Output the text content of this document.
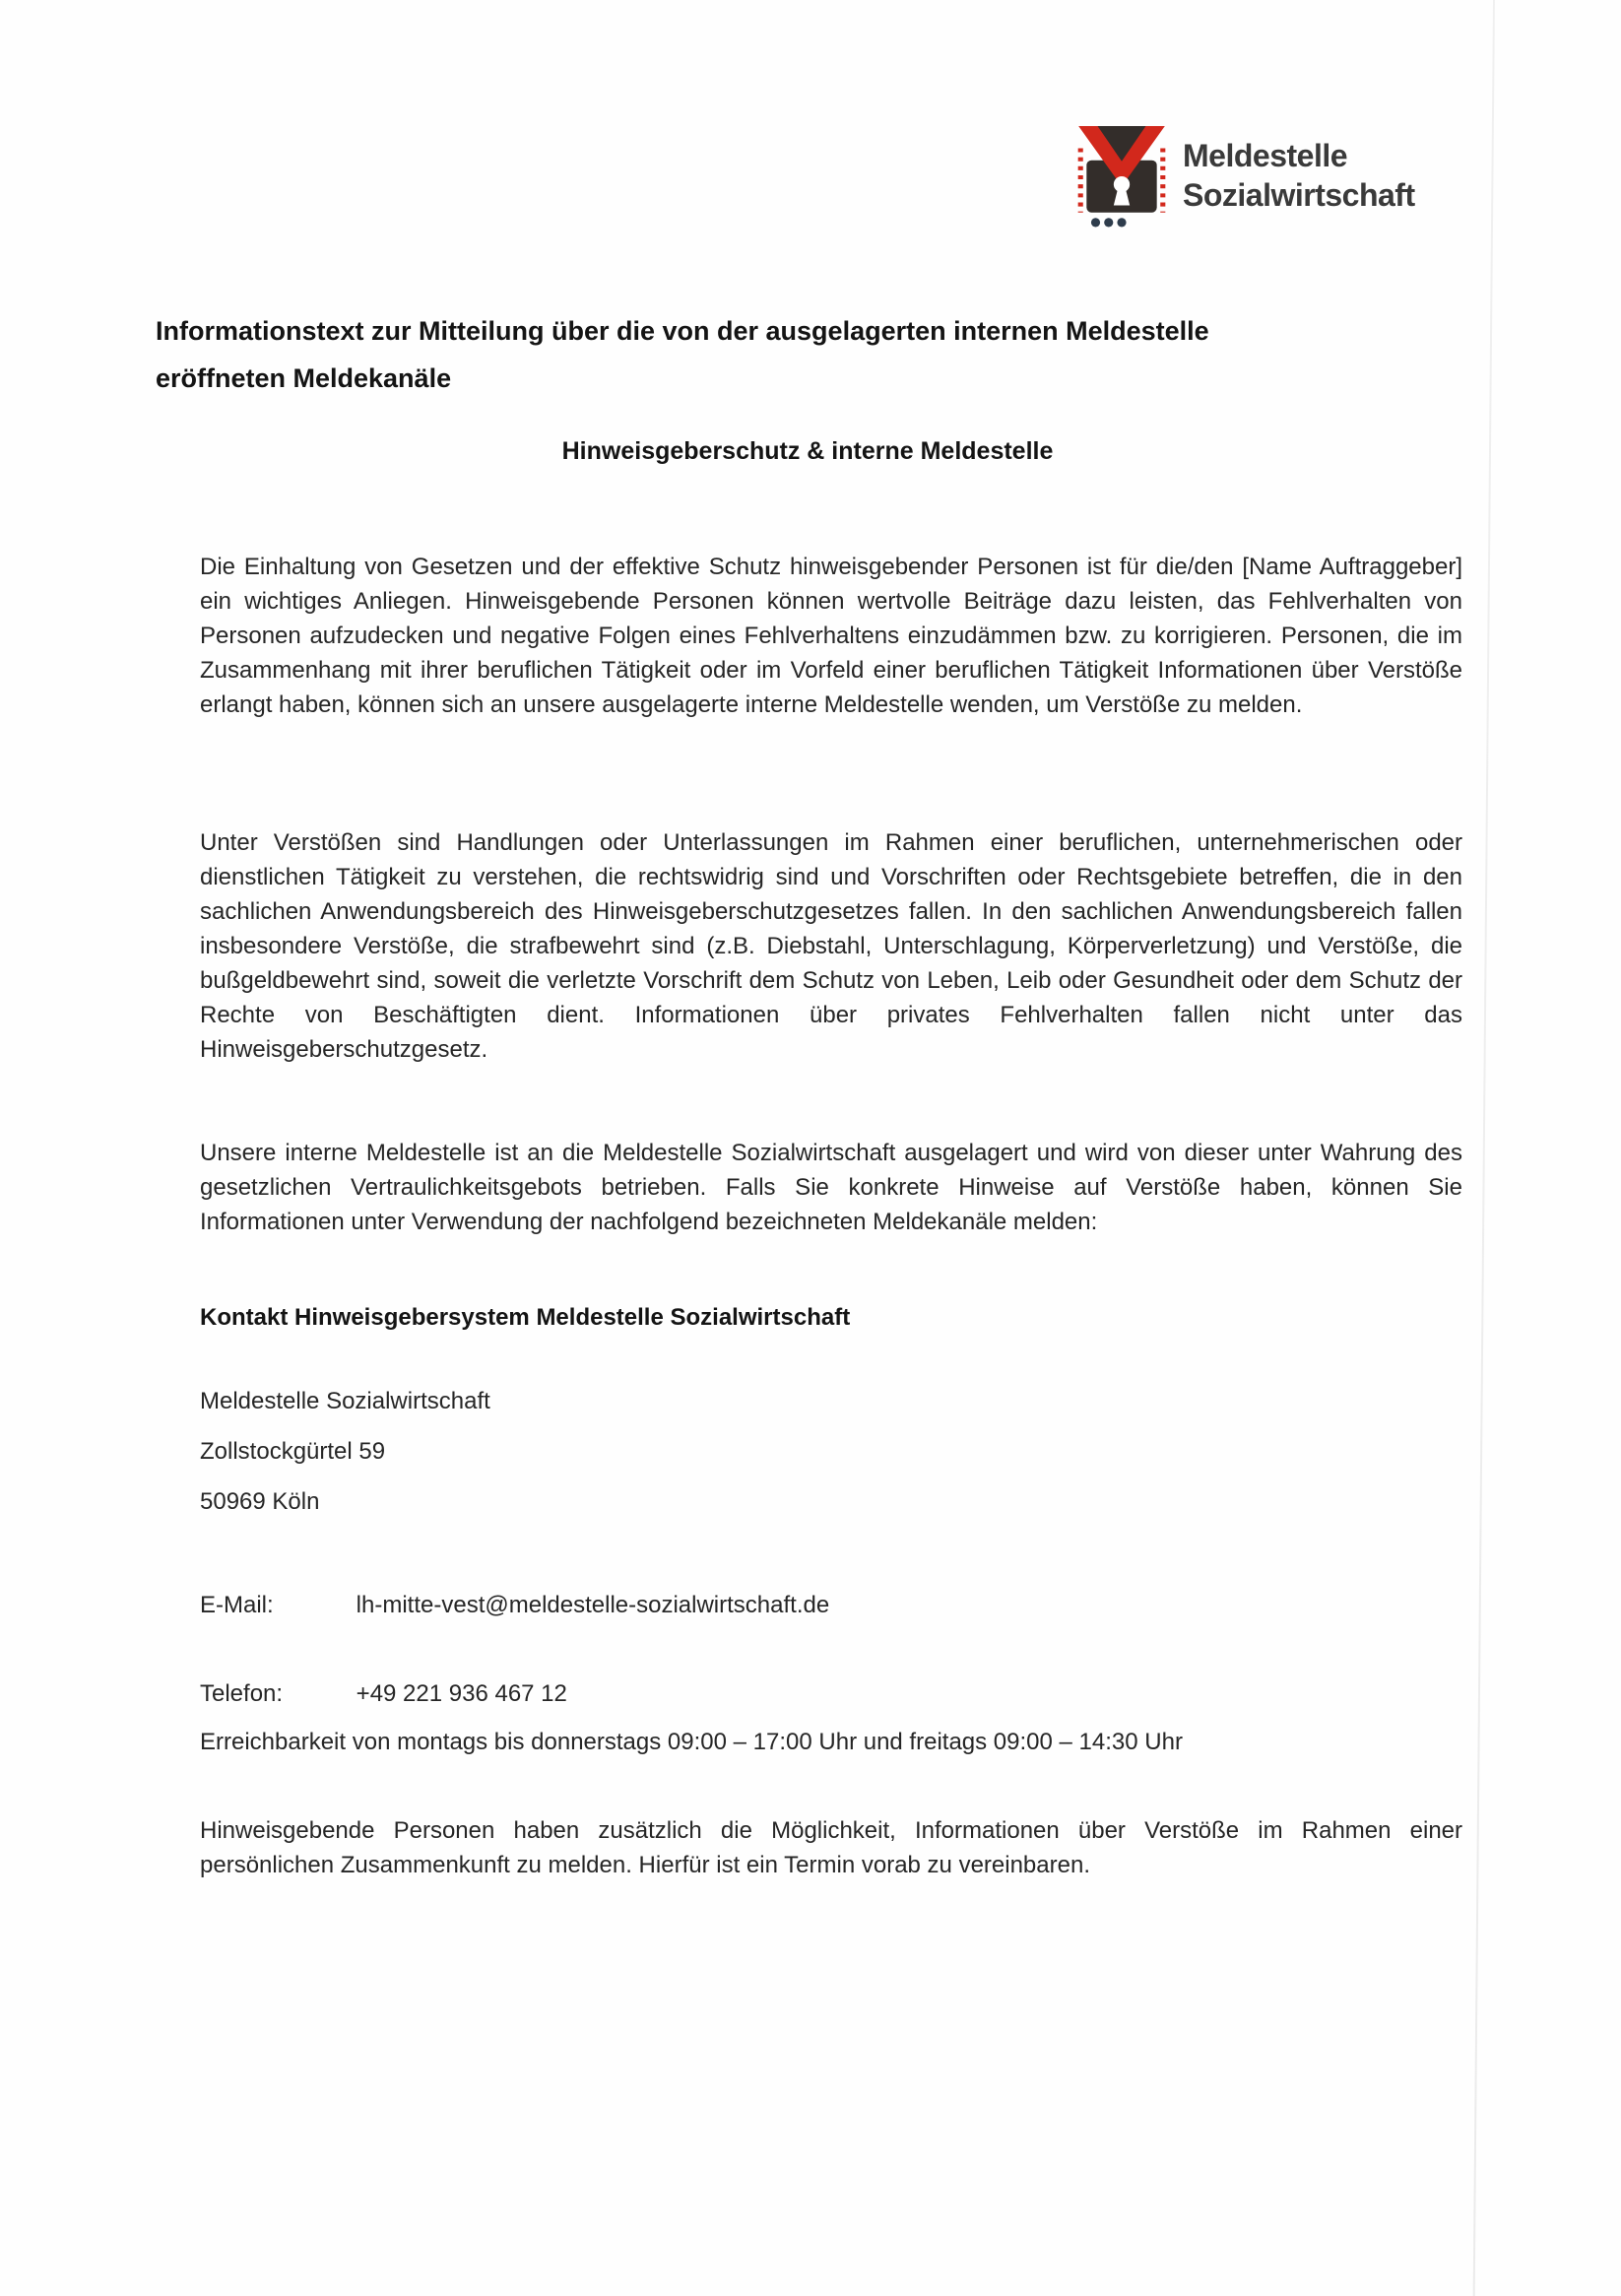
Meldestelle
Sozialwirtschaft
Informationstext zur Mitteilung über die von der ausgelagerten internen Meldestelle
eröffneten Meldekanäle
Hinweisgeberschutz & interne Meldestelle

Die Einhaltung von Gesetzen und der effektive Schutz hinweisgebender Personen ist für die/den [Name Auftraggeber] ein wichtiges Anliegen. Hinweisgebende Personen können wertvolle Beiträge dazu leisten, das Fehlverhalten von Personen aufzudecken und negative Folgen eines Fehlverhaltens einzudämmen bzw. zu korrigieren. Personen, die im Zusammenhang mit ihrer beruflichen Tätigkeit oder im Vorfeld einer beruflichen Tätigkeit Informationen über Verstöße erlangt haben, können sich an unsere ausgelagerte interne Meldestelle wenden, um Verstöße zu melden.

Unter Verstößen sind Handlungen oder Unterlassungen im Rahmen einer beruflichen, unternehmerischen oder dienstlichen Tätigkeit zu verstehen, die rechtswidrig sind und Vorschriften oder Rechtsgebiete betreffen, die in den sachlichen Anwendungsbereich des Hinweisgeberschutzgesetzes fallen. In den sachlichen Anwendungsbereich fallen insbesondere Verstöße, die strafbewehrt sind (z.B. Diebstahl, Unterschlagung, Körperverletzung) und Verstöße, die bußgeldbewehrt sind, soweit die verletzte Vorschrift dem Schutz von Leben, Leib oder Gesundheit oder dem Schutz der Rechte von Beschäftigten dient. Informationen über privates Fehlverhalten fallen nicht unter das Hinweisgeberschutzgesetz.

Unsere interne Meldestelle ist an die Meldestelle Sozialwirtschaft ausgelagert und wird von dieser unter Wahrung des gesetzlichen Vertraulichkeitsgebots betrieben. Falls Sie konkrete Hinweise auf Verstöße haben, können Sie Informationen unter Verwendung der nachfolgend bezeichneten Meldekanäle melden:

Kontakt Hinweisgebersystem Meldestelle Sozialwirtschaft

Meldestelle Sozialwirtschaft

Zollstockgürtel 59

50969 Köln

E-Mail:	lh-mitte-vest@meldestelle-sozialwirtschaft.de
Telefon:	+49 221 936 467 12

Erreichbarkeit von montags bis donnerstags 09:00 – 17:00 Uhr und freitags 09:00 – 14:30 Uhr

Hinweisgebende Personen haben zusätzlich die Möglichkeit, Informationen über Verstöße im Rahmen einer persönlichen Zusammenkunft zu melden. Hierfür ist ein Termin vorab zu vereinbaren.
